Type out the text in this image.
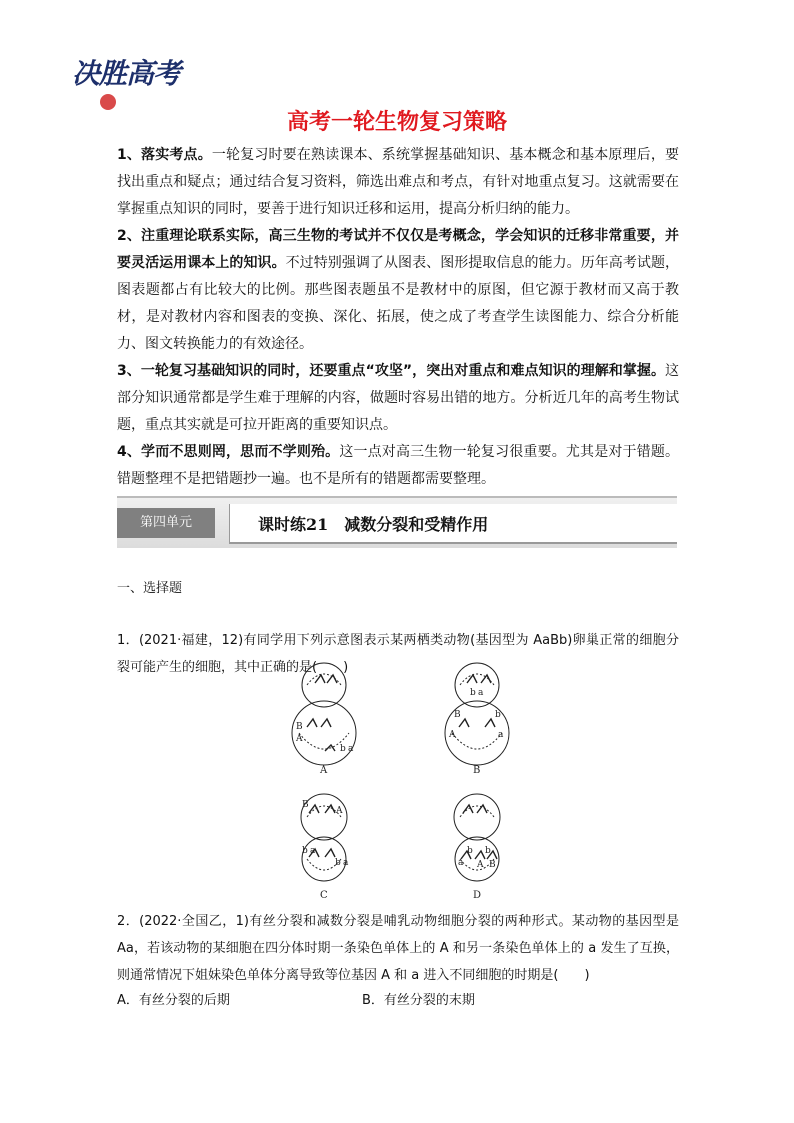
决胜高考
高考一轮生物复习策略

1、落实考点。一轮复习时要在熟读课本、系统掌握基础知识、基本概念和基本原理后，要找出重点和疑点；通过结合复习资料，筛选出难点和考点，有针对地重点复习。这就需要在掌握重点知识的同时，要善于进行知识迁移和运用，提高分析归纳的能力。

2、注重理论联系实际，高三生物的考试并不仅仅是考概念，学会知识的迁移非常重要，并要灵活运用课本上的知识。不过特别强调了从图表、图形提取信息的能力。历年高考试题，图表题都占有比较大的比例。那些图表题虽不是教材中的原图，但它源于教材而又高于教材，是对教材内容和图表的变换、深化、拓展，使之成了考查学生读图能力、综合分析能力、图文转换能力的有效途径。

3、一轮复习基础知识的同时，还要重点“攻坚”，突出对重点和难点知识的理解和掌握。这部分知识通常都是学生难于理解的内容，做题时容易出错的地方。分析近几年的高考生物试题，重点其实就是可拉开距离的重要知识点。

4、学而不思则罔，思而不学则殆。这一点对高三生物一轮复习很重要。尤其是对于错题。错题整理不是把错题抄一遍。也不是所有的错题都需要整理。

第四单元	课时练21　减数分裂和受精作用
一、选择题
1．(2021·福建，12)有同学用下列示意图表示某两栖类动物(基因型为 AaBb)卵巢正常的细胞分裂可能产生的细胞，其中正确的是(　　)
B
A
b a
A
b a
B
A
b
a
B
B
A
b a
b a
C
a
b b
A B
D
2．(2022·全国乙，1)有丝分裂和减数分裂是哺乳动物细胞分裂的两种形式。某动物的基因型是 Aa，若该动物的某细胞在四分体时期一条染色单体上的 A 和另一条染色单体上的 a 发生了互换，则通常情况下姐妹染色单体分离导致等位基因 A 和 a 进入不同细胞的时期是(　　)
A．有丝分裂的后期	B．有丝分裂的末期
